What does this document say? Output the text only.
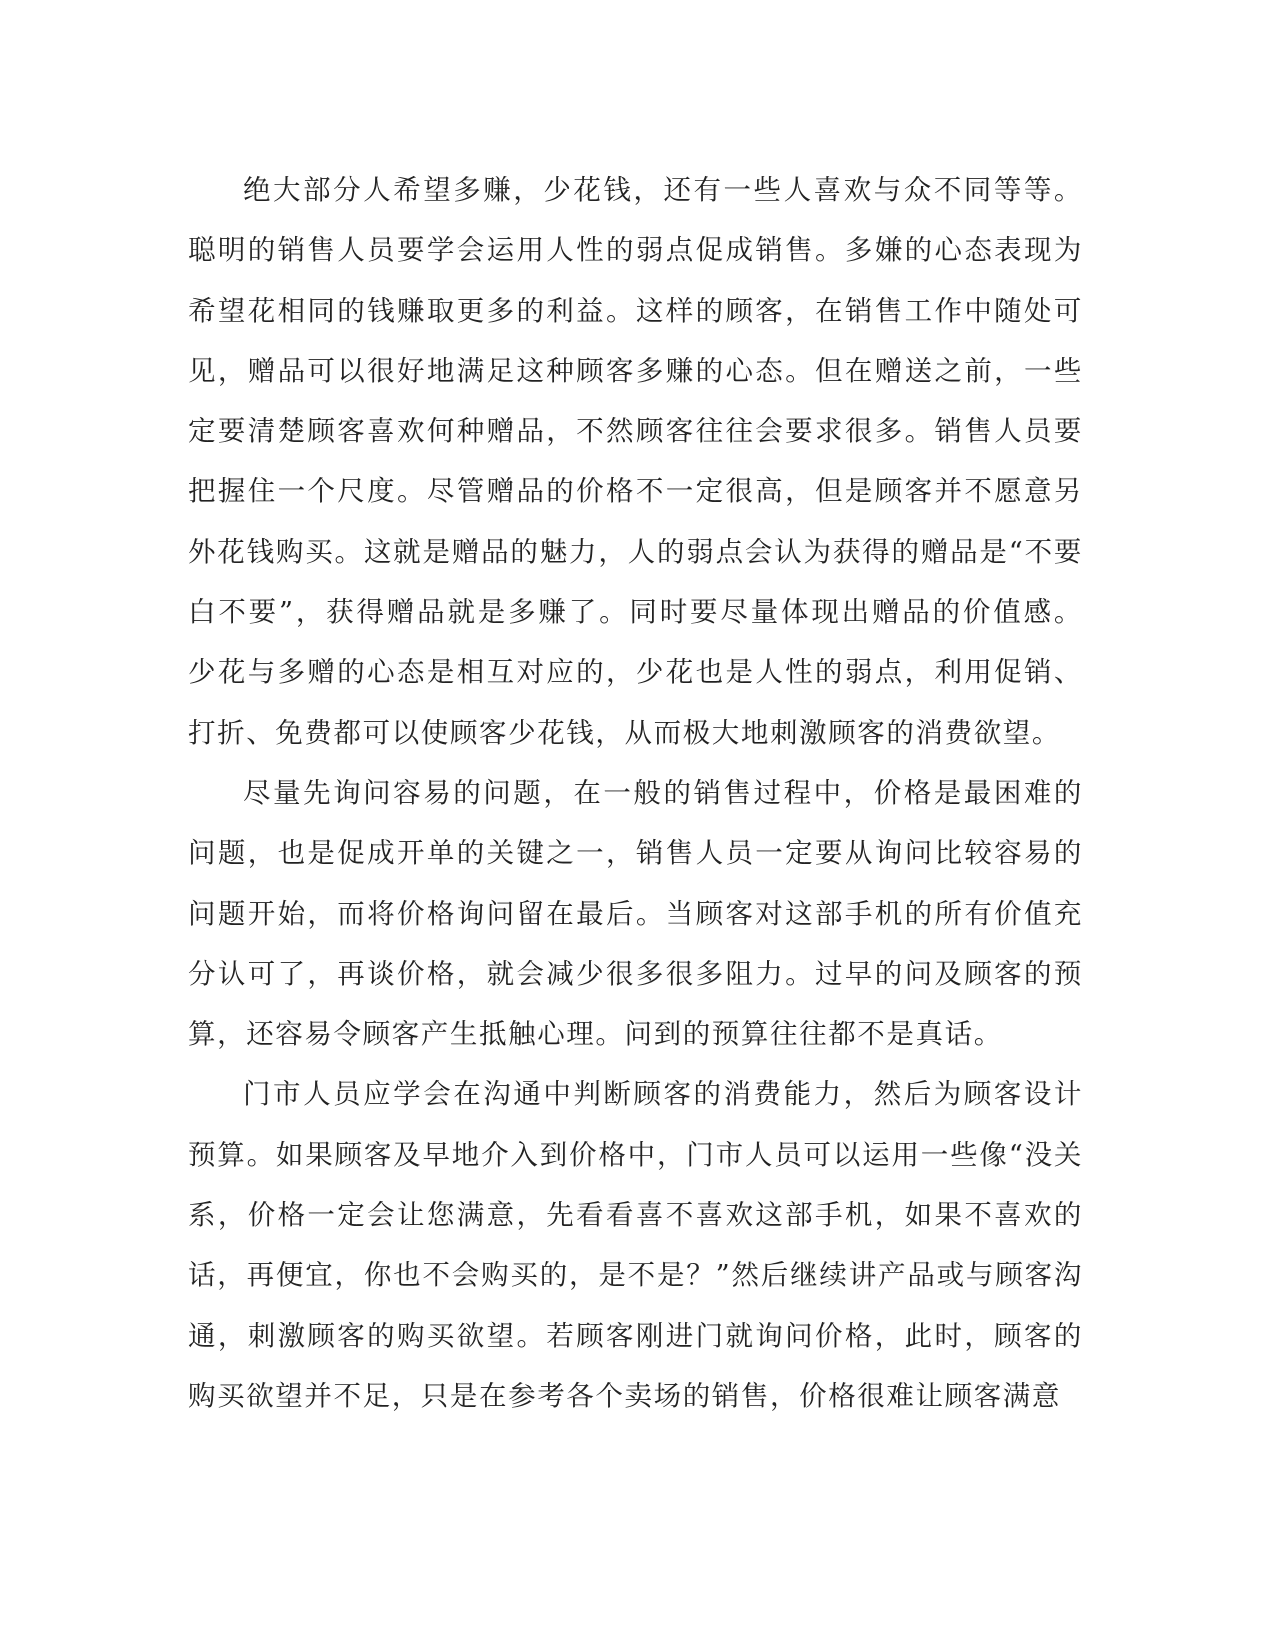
绝大部分人希望多赚，少花钱，还有一些人喜欢与众不同等等。聪明的销售人员要学会运用人性的弱点促成销售。多嫌的心态表现为希望花相同的钱赚取更多的利益。这样的顾客，在销售工作中随处可见，赠品可以很好地满足这种顾客多赚的心态。但在赠送之前，一些定要清楚顾客喜欢何种赠品，不然顾客往往会要求很多。销售人员要把握住一个尺度。尽管赠品的价格不一定很高，但是顾客并不愿意另外花钱购买。这就是赠品的魅力，人的弱点会认为获得的赠品是“不要白不要”，获得赠品就是多赚了。同时要尽量体现出赠品的价值感。 少花与多赠的心态是相互对应的，少花也是人性的弱点，利用促销、打折、免费都可以使顾客少花钱，从而极大地刺激顾客的消费欲望。

尽量先询问容易的问题，在一般的销售过程中，价格是最困难的问题，也是促成开单的关键之一，销售人员一定要从询问比较容易的问题开始，而将价格询问留在最后。当顾客对这部手机的所有价值充分认可了，再谈价格，就会减少很多很多阻力。过早的问及顾客的预算，还容易令顾客产生抵触心理。问到的预算往往都不是真话。

门市人员应学会在沟通中判断顾客的消费能力，然后为顾客设计预算。如果顾客及早地介入到价格中，门市人员可以运用一些像“没关系，价格一定会让您满意，先看看喜不喜欢这部手机，如果不喜欢的话，再便宜，你也不会购买的，是不是？”然后继续讲产品或与顾客沟通，刺激顾客的购买欲望。若顾客刚进门就询问价格，此时，顾客的购买欲望并不足，只是在参考各个卖场的销售，价格很难让顾客满意
